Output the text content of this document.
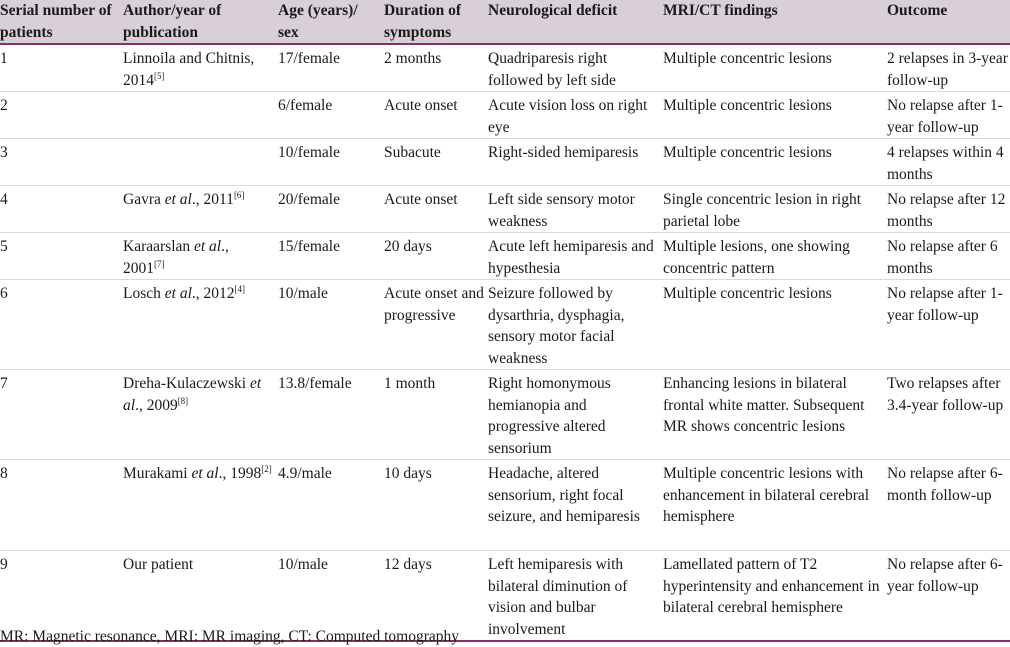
Serial number of patients	Author/year of publication	Age (years)/ sex	Duration of symptoms	Neurological deficit	MRI/CT findings	Outcome
1	Linnoila and Chitnis, 2014[5]	17/female	2 months	Quadriparesis right followed by left side	Multiple concentric lesions	2 relapses in 3-year follow-up
2		6/female	Acute onset	Acute vision loss on right eye	Multiple concentric lesions	No relapse after 1-year follow-up
3		10/female	Subacute	Right-sided hemiparesis	Multiple concentric lesions	4 relapses within 4 months
4	Gavra et al., 2011[6]	20/female	Acute onset	Left side sensory motor weakness	Single concentric lesion in right parietal lobe	No relapse after 12 months
5	Karaarslan et al., 2001[7]	15/female	20 days	Acute left hemiparesis and hypesthesia	Multiple lesions, one showing concentric pattern	No relapse after 6 months
6	Losch et al., 2012[4]	10/male	Acute onset and progressive	Seizure followed by dysarthria, dysphagia, sensory motor facial weakness	Multiple concentric lesions	No relapse after 1-year follow-up
7	Dreha-Kulaczewski et al., 2009[8]	13.8/female	1 month	Right homonymous hemianopia and progressive altered sensorium	Enhancing lesions in bilateral frontal white matter. Subsequent MR shows concentric lesions	Two relapses after 3.4-year follow-up
8	Murakami et al., 1998[2]	4.9/male	10 days	Headache, altered sensorium, right focal seizure, and hemiparesis	Multiple concentric lesions with enhancement in bilateral cerebral hemisphere	No relapse after 6-month follow-up
9	Our patient	10/male	12 days	Left hemiparesis with bilateral diminution of vision and bulbar involvement	Lamellated pattern of T2 hyperintensity and enhancement in bilateral cerebral hemisphere	No relapse after 6-year follow-up
MR: Magnetic resonance, MRI: MR imaging, CT: Computed tomography
